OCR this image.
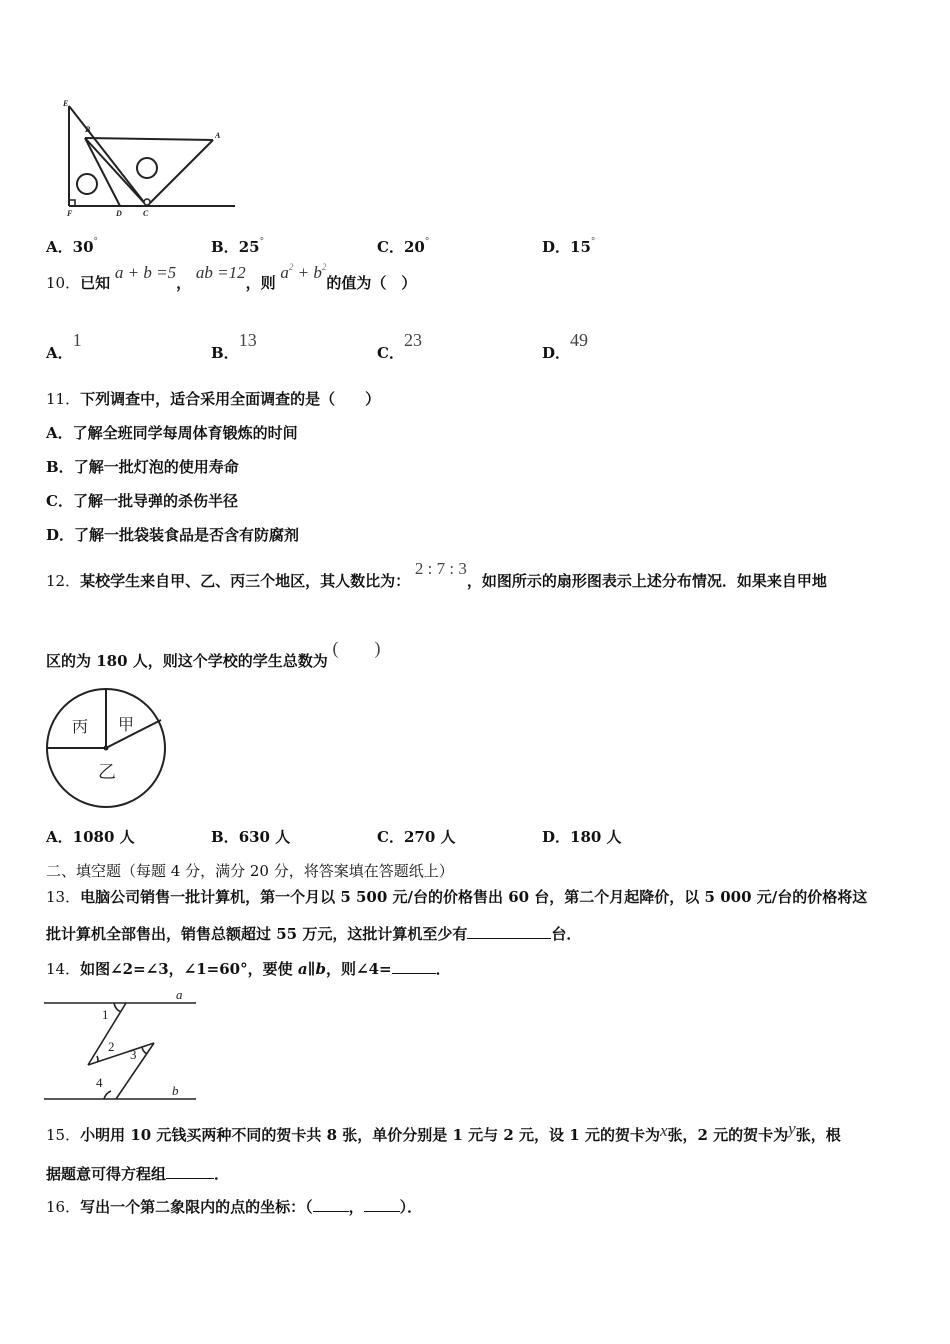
E
B
A
F	D	C
A．30°	B．25°	C．20°	D．15°
10．已知 a + b =5， ab =12，则 $a^2 + b^2$的值为（　）
A．1
B．13
C．23
D．49
11．下列调查中，适合采用全面调查的是（　　）
A．了解全班同学每周体育锻炼的时间
B．了解一批灯泡的使用寿命
C．了解一批导弹的杀伤半径
D．了解一批袋装食品是否含有防腐剂
12．某校学生来自甲、乙、丙三个地区，其人数比为： 2 : 7 : 3，如图所示的扇形图表示上述分布情况．如果来自甲地
区的为 180 人，则这个学校的学生总数为 (　　)
丙 甲
乙
A．1080 人	B．630 人	C．270 人	D．180 人
二、填空题（每题 4 分，满分 20 分，将答案填在答题纸上）
13．电脑公司销售一批计算机，第一个月以 5 500 元/台的价格售出 60 台，第二个月起降价，以 5 000 元/台的价格将这
批计算机全部售出，销售总额超过 55 万元，这批计算机至少有	台．
14．如图∠2=∠3，∠1=60°，要使 a∥b，则∠4=	．
a
b
1
2
3
4
15．小明用 10 元钱买两种不同的贺卡共 8 张，单价分别是 1 元与 2 元，设 1 元的贺卡为x张，2 元的贺卡为y张，根
据题意可得方程组	．
16．写出一个第二象限内的点的坐标：（ ， ）．
